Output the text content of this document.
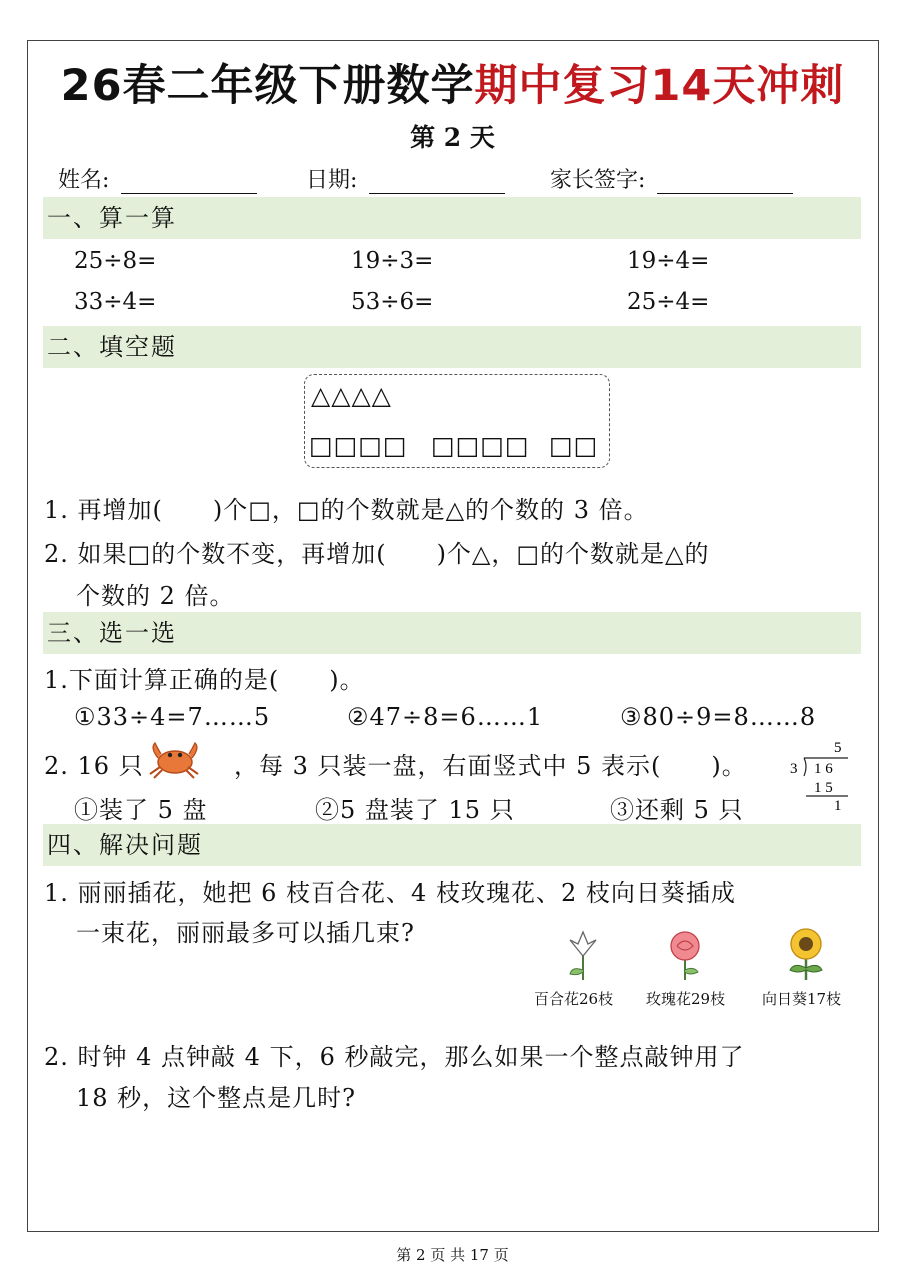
26春二年级下册数学期中复习14天冲刺
第 2 天
姓名:	日期:	家长签字:
一、算一算
25÷8=	19÷3=	19÷4=
33÷4=	53÷6=	25÷4=
二、填空题
△△△△
□□□□ □□□□ □□
1. 再增加(　　)个□，□的个数就是△的个数的 3 倍。
2. 如果□的个数不变，再增加(　　)个△，□的个数就是△的
个数的 2 倍。
三、选一选
1.下面计算正确的是(　　)。
①33÷4=7……5	②47÷8=6……1	③80÷9=8……8
2. 16 只	，每 3 只装一盘，右面竖式中 5 表示(　　)。
5
3 1 6
1 5
1
①装了 5 盘	②5 盘装了 15 只	③还剩 5 只
四、解决问题
1. 丽丽插花，她把 6 枝百合花、4 枝玫瑰花、2 枝向日葵插成
一束花，丽丽最多可以插几束?
百合花26枝 玫瑰花29枝 向日葵17枝
2. 时钟 4 点钟敲 4 下，6 秒敲完，那么如果一个整点敲钟用了
18 秒，这个整点是几时?
第 2 页 共 17 页
